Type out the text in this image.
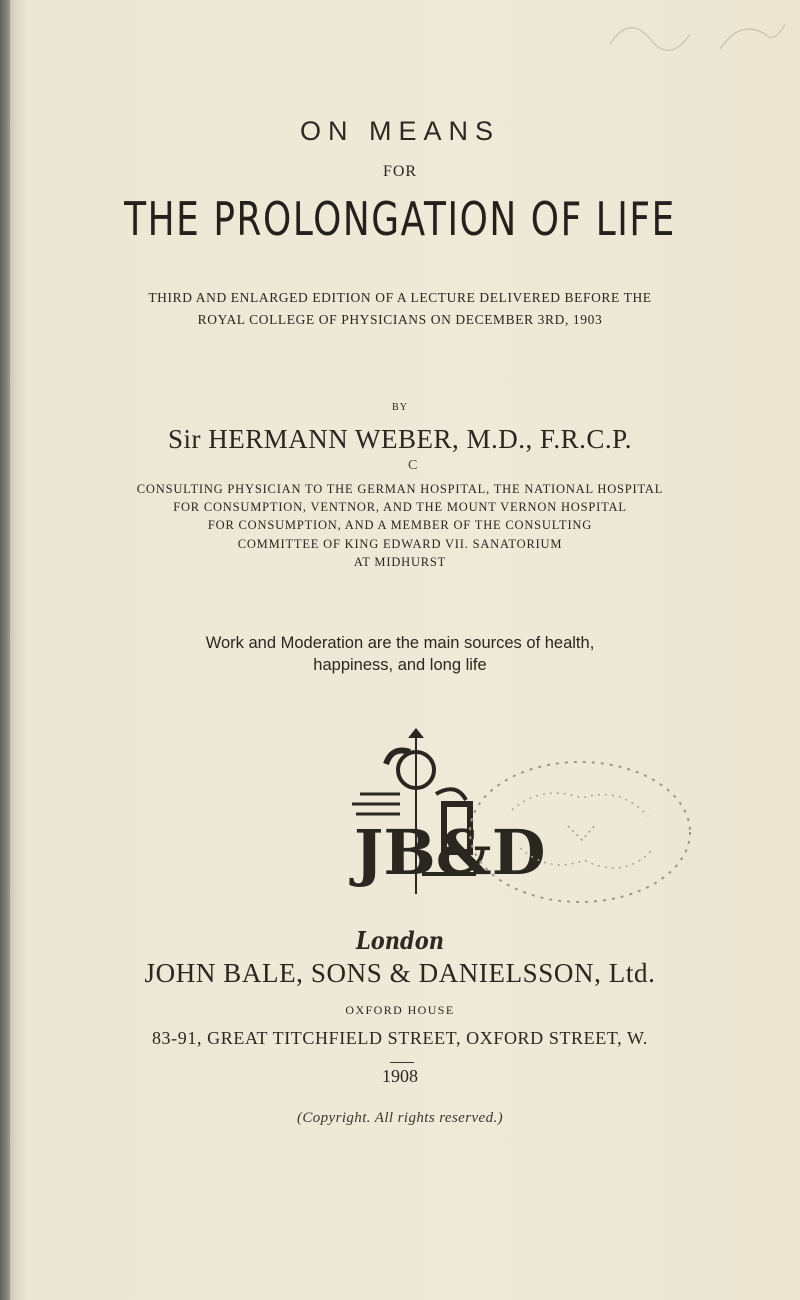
ON MEANS
FOR
THE PROLONGATION OF LIFE
THIRD AND ENLARGED EDITION OF A LECTURE DELIVERED BEFORE THE
ROYAL COLLEGE OF PHYSICIANS ON DECEMBER 3RD, 1903
BY
Sir HERMANN WEBER, M.D., F.R.C.P.
C
CONSULTING PHYSICIAN TO THE GERMAN HOSPITAL, THE NATIONAL HOSPITAL
FOR CONSUMPTION, VENTNOR, AND THE MOUNT VERNON HOSPITAL
FOR CONSUMPTION, AND A MEMBER OF THE CONSULTING
COMMITTEE OF KING EDWARD VII. SANATORIUM
AT MIDHURST
Work and Moderation are the main sources of health,
happiness, and long life
JB&D
London
JOHN BALE, SONS & DANIELSSON, Ltd.
OXFORD HOUSE
83-91, GREAT TITCHFIELD STREET, OXFORD STREET, W.
1908
(Copyright. All rights reserved.)
